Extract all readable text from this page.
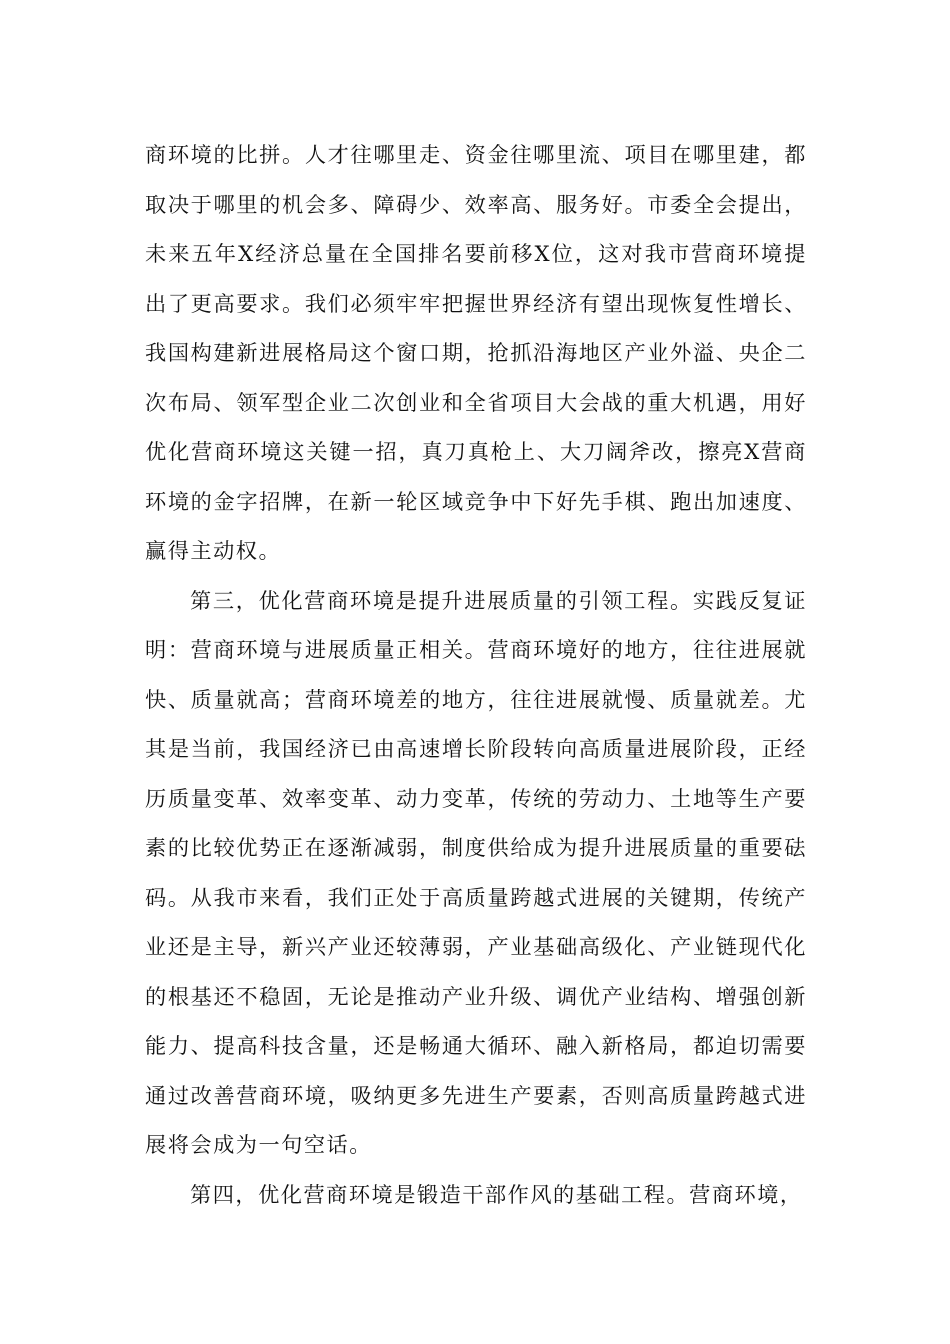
商环境的比拼。人才往哪里走、资金往哪里流、项目在哪里建，都取决于哪里的机会多、障碍少、效率高、服务好。市委全会提出，未来五年X经济总量在全国排名要前移X位，这对我市营商环境提出了更高要求。我们必须牢牢把握世界经济有望出现恢复性增长、我国构建新进展格局这个窗口期，抢抓沿海地区产业外溢、央企二次布局、领军型企业二次创业和全省项目大会战的重大机遇，用好优化营商环境这关键一招，真刀真枪上、大刀阔斧改，擦亮X营商环境的金字招牌，在新一轮区域竞争中下好先手棋、跑出加速度、赢得主动权。

第三，优化营商环境是提升进展质量的引领工程。实践反复证明：营商环境与进展质量正相关。营商环境好的地方，往往进展就快、质量就高；营商环境差的地方，往往进展就慢、质量就差。尤其是当前，我国经济已由高速增长阶段转向高质量进展阶段，正经历质量变革、效率变革、动力变革，传统的劳动力、土地等生产要素的比较优势正在逐渐减弱，制度供给成为提升进展质量的重要砝码。从我市来看，我们正处于高质量跨越式进展的关键期，传统产业还是主导，新兴产业还较薄弱，产业基础高级化、产业链现代化的根基还不稳固，无论是推动产业升级、调优产业结构、增强创新能力、提高科技含量，还是畅通大循环、融入新格局，都迫切需要通过改善营商环境，吸纳更多先进生产要素，否则高质量跨越式进展将会成为一句空话。

第四，优化营商环境是锻造干部作风的基础工程。营商环境，
